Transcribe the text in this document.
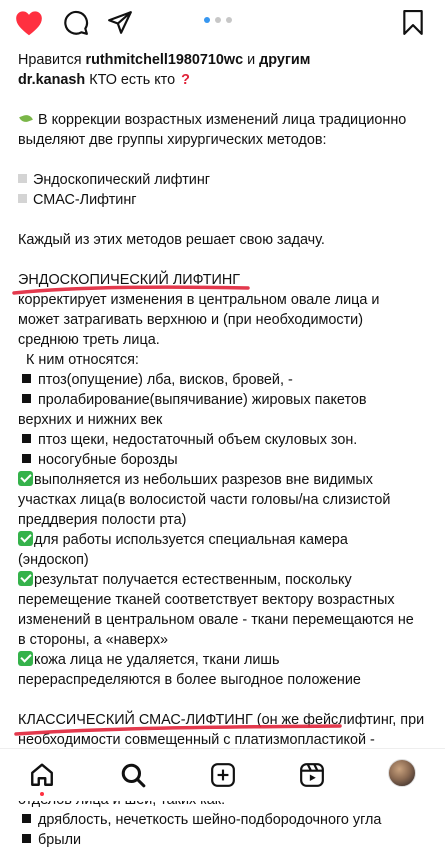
Нравится ruthmitchell1980710wc и другим

dr.kanash КТО есть кто ?

В коррекции возрастных изменений лица традиционно

выделяют две группы хирургических методов:

Эндоскопический лифтинг

СМАС-Лифтинг

Каждый из этих методов решает свою задачу.

ЭНДОСКОПИЧЕСКИЙ ЛИФТИНГ

корректирует изменения в центральном овале лица и

может затрагивать верхнюю и (при необходимости)

среднюю треть лица.

К ним относятся:

птоз(опущение) лба, висков, бровей, -

пролабирование(выпячивание) жировых пакетов

верхних и нижних век

птоз щеки, недостаточный объем скуловых зон.

носогубные борозды

выполняется из небольших разрезов вне видимых

участках лица(в волосистой части головы/на слизистой

преддверия полости рта)

для работы используется специальная камера

(эндоскоп)

результат получается естественным, поскольку

перемещение тканей соответствует вектору возрастных

изменений в центральном овале - ткани перемещаются не

в стороны, а «наверх»

кожа лица не удаляется, ткани лишь

перераспределяются в более выгодное положение

КЛАССИЧЕСКИЙ СМАС-ЛИФТИНГ (он же фейслифтинг, при

необходимости совмещенный с платизмопластикой -

дряблость, нечеткость шейно-подбородочного угла

брыли
